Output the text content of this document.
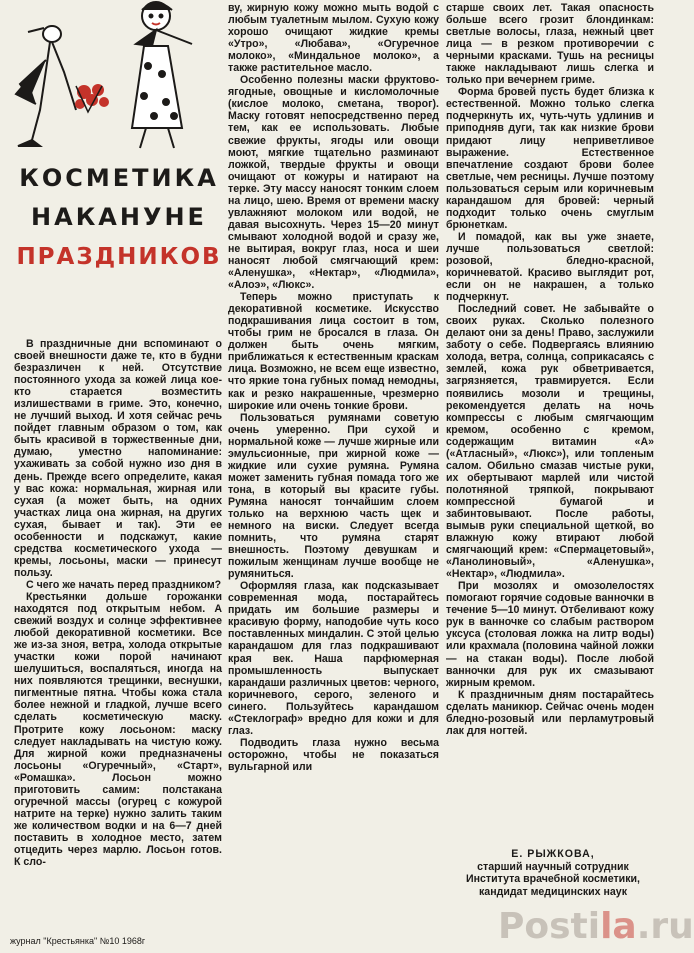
КОСМЕТИКА
НАКАНУНЕ
ПРАЗДНИКОВ

В праздничные дни вспоминают о своей внешности даже те, кто в будни безразличен к ней. Отсутствие постоянного ухода за кожей лица кое-кто старается возместить излишествами в гриме. Это, конечно, не лучший выход. И хотя сейчас речь пойдет главным образом о том, как быть красивой в торжественные дни, думаю, уместно напоминание: ухаживать за собой нужно изо дня в день. Прежде всего определите, какая у вас кожа: нормальная, жирная или сухая (а может быть, на одних участках лица она жирная, на других сухая, бывает и так). Эти ее особенности и подскажут, какие средства косметического ухода — кремы, лосьоны, маски — принесут пользу.

С чего же начать перед праздником?

Крестьянки дольше горожанки находятся под открытым небом. А свежий воздух и солнце эффективнее любой декоративной косметики. Все же из-за зноя, ветра, холода открытые участки кожи порой начинают шелушиться, воспаляться, иногда на них появляются трещинки, веснушки, пигментные пятна. Чтобы кожа стала более нежной и гладкой, лучше всего сделать косметическую маску. Протрите кожу лосьоном: маску следует накладывать на чистую кожу. Для жирной кожи предназначены лосьоны «Огуречный», «Старт», «Ромашка». Лосьон можно приготовить самим: полстакана огуречной массы (огурец с кожурой натрите на терке) нужно залить таким же количеством водки и на 6—7 дней поставить в холодное место, затем отцедить через марлю. Лосьон готов. К сло-

ву, жирную кожу можно мыть водой с любым туалетным мылом. Сухую кожу хорошо очищают жидкие кремы «Утро», «Любава», «Огуречное молоко», «Миндальное молоко», а также растительное масло.

Особенно полезны маски фруктово-ягодные, овощные и кисломолочные (кислое молоко, сметана, творог). Маску готовят непосредственно перед тем, как ее использовать. Любые свежие фрукты, ягоды или овощи моют, мягкие тщательно разминают ложкой, твердые фрукты и овощи очищают от кожуры и натирают на терке. Эту массу наносят тонким слоем на лицо, шею. Время от времени маску увлажняют молоком или водой, не давая высохнуть. Через 15—20 минут смывают холодной водой и сразу же, не вытирая, вокруг глаз, носа и шеи наносят любой смягчающий крем: «Аленушка», «Нектар», «Людмила», «Алоэ», «Люкс».

Теперь можно приступать к декоративной косметике. Искусство подкрашивания лица состоит в том, чтобы грим не бросался в глаза. Он должен быть очень мягким, приближаться к естественным краскам лица. Возможно, не всем еще известно, что яркие тона губных помад немодны, как и резко накрашенные, чрезмерно широкие или очень тонкие брови.

Пользоваться румянами советую очень умеренно. При сухой и нормальной коже — лучше жирные или эмульсионные, при жирной коже — жидкие или сухие румяна. Румяна может заменить губная помада того же тона, в который вы красите губы. Румяна наносят тончайшим слоем только на верхнюю часть щек и немного на виски. Следует всегда помнить, что румяна старят внешность. Поэтому девушкам и пожилым женщинам лучше вообще не румяниться.

Оформляя глаза, как подсказывает современная мода, постарайтесь придать им большие размеры и красивую форму, наподобие чуть косо поставленных миндалин. С этой целью карандашом для глаз подкрашивают края век. Наша парфюмерная промышленность выпускает карандаши различных цветов: черного, коричневого, серого, зеленого и синего. Пользуйтесь карандашом «Стеклограф» вредно для кожи и для глаз.

Подводить глаза нужно весьма осторожно, чтобы не показаться вульгарной или

старше своих лет. Такая опасность больше всего грозит блондинкам: светлые волосы, глаза, нежный цвет лица — в резком противоречии с черными красками. Тушь на ресницы также накладывают лишь слегка и только при вечернем гриме.

Форма бровей пусть будет близка к естественной. Можно только слегка подчеркнуть их, чуть-чуть удлинив и приподняв дуги, так как низкие брови придают лицу неприветливое выражение. Естественное впечатление создают брови более светлые, чем ресницы. Лучше поэтому пользоваться серым или коричневым карандашом для бровей: черный подходит только очень смуглым брюнеткам.

И помадой, как вы уже знаете, лучше пользоваться светлой: розовой, бледно-красной, коричневатой. Красиво выглядит рот, если он не накрашен, а только подчеркнут.

Последний совет. Не забывайте о своих руках. Сколько полезного делают они за день! Право, заслужили заботу о себе. Подвергаясь влиянию холода, ветра, солнца, соприкасаясь с землей, кожа рук обветривается, загрязняется, травмируется. Если появились мозоли и трещины, рекомендуется делать на ночь компрессы с любым смягчающим кремом, особенно с кремом, содержащим витамин «А» («Атласный», «Люкс»), или топленым салом. Обильно смазав чистые руки, их обертывают марлей или чистой полотняной тряпкой, покрывают компрессной бумагой и забинтовывают. После работы, вымыв руки специальной щеткой, во влажную кожу втирают любой смягчающий крем: «Спермацетовый», «Ланолиновый», «Аленушка», «Нектар», «Людмила».

При мозолях и омозолелостях помогают горячие содовые ванночки в течение 5—10 минут. Отбеливают кожу рук в ванночке со слабым раствором уксуса (столовая ложка на литр воды) или крахмала (половина чайной ложки — на стакан воды). После любой ванночки для рук их смазывают жирным кремом.

К праздничным дням постарайтесь сделать маникюр. Сейчас очень моден бледно-розовый или перламутровый лак для ногтей.

Е. РЫЖКОВА,
старший научный сотрудник Института врачебной косметики,
кандидат медицинских наук
Postila.ru
журнал "Крестьянка" №10 1968г
